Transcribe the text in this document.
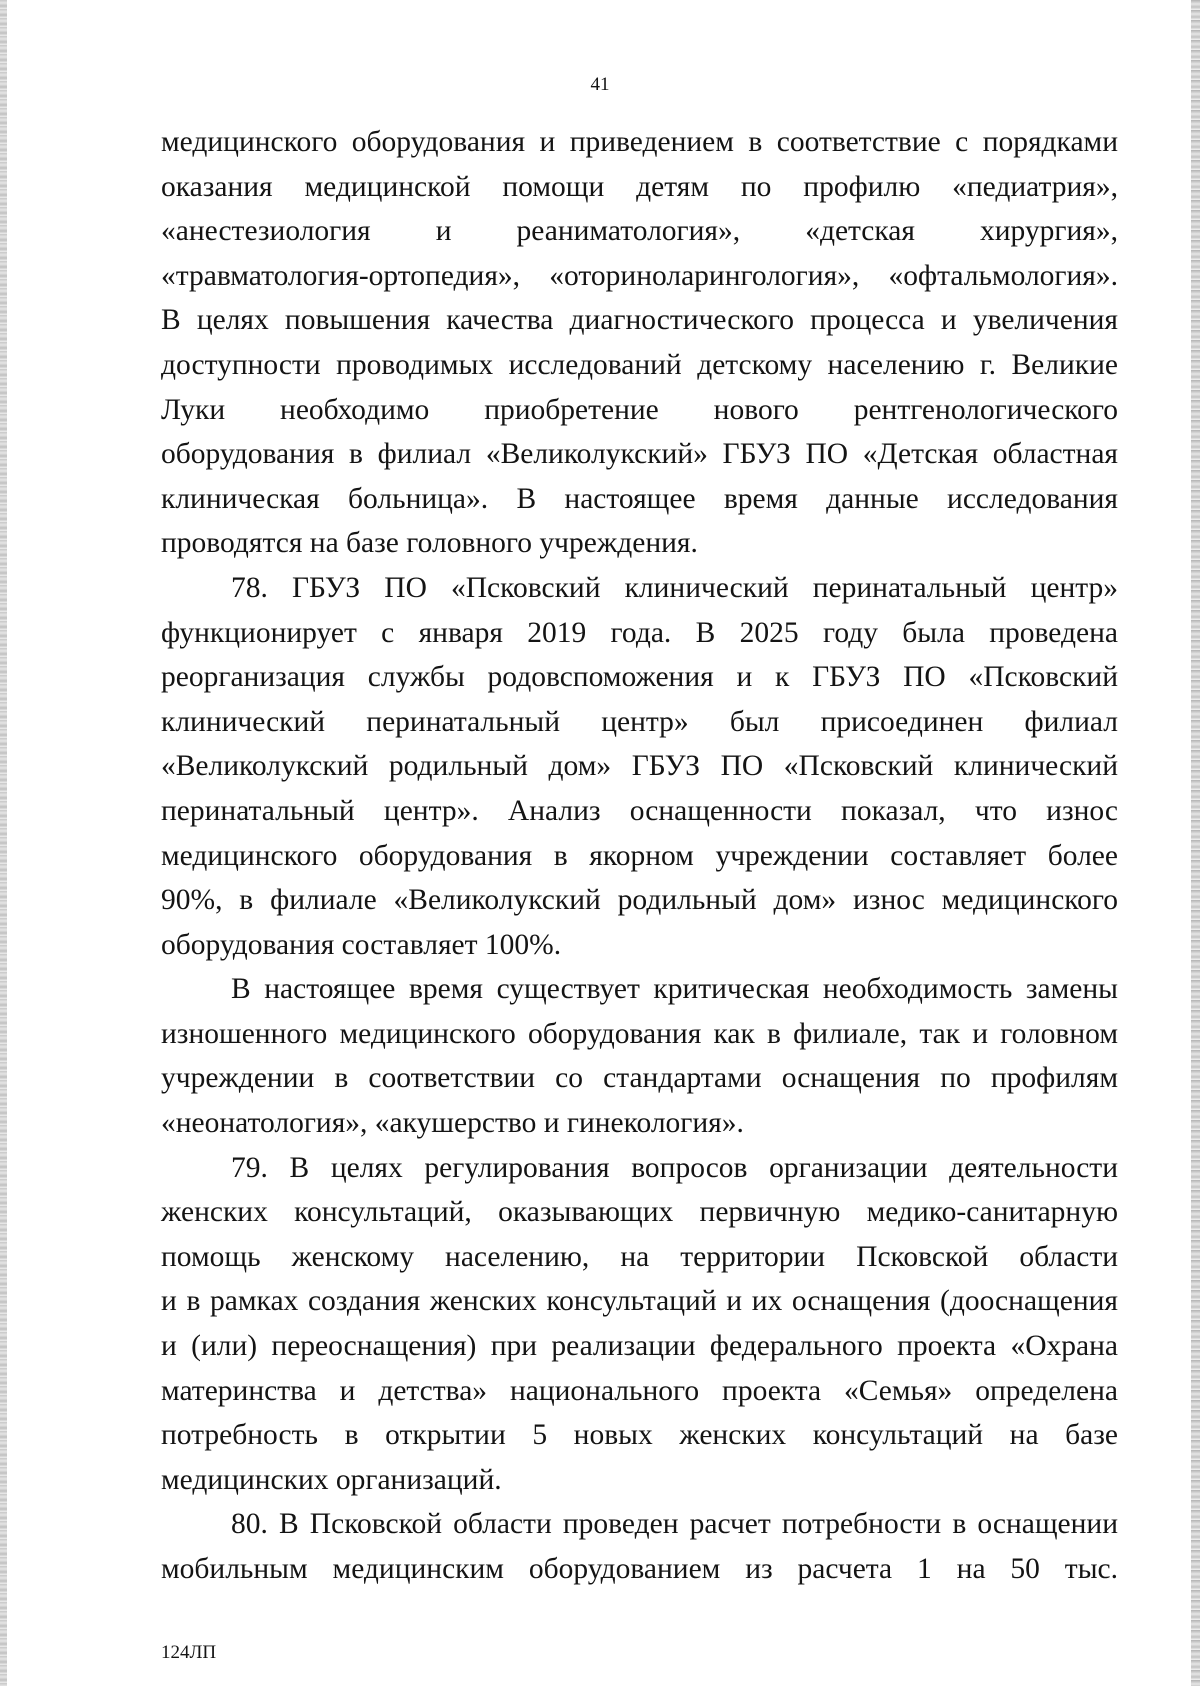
41
медицинского оборудования и приведением в соответствие с порядками
оказания медицинской помощи детям по профилю «педиатрия»,
«анестезиология и реаниматология», «детская хирургия»,
«травматология-ортопедия», «оториноларингология», «офтальмология».
В целях повышения качества диагностического процесса и увеличения
доступности проводимых исследований детскому населению г. Великие
Луки необходимо приобретение нового рентгенологического
оборудования в филиал «Великолукский» ГБУЗ ПО «Детская областная
клиническая больница». В настоящее время данные исследования
проводятся на базе головного учреждения.
78. ГБУЗ ПО «Псковский клинический перинатальный центр»
функционирует с января 2019 года. В 2025 году была проведена
реорганизация службы родовспоможения и к ГБУЗ ПО «Псковский
клинический перинатальный центр» был присоединен филиал
«Великолукский родильный дом» ГБУЗ ПО «Псковский клинический
перинатальный центр». Анализ оснащенности показал, что износ
медицинского оборудования в якорном учреждении составляет более
90%, в филиале «Великолукский родильный дом» износ медицинского
оборудования составляет 100%.
В настоящее время существует критическая необходимость замены
изношенного медицинского оборудования как в филиале, так и головном
учреждении в соответствии со стандартами оснащения по профилям
«неонатология», «акушерство и гинекология».
79. В целях регулирования вопросов организации деятельности
женских консультаций, оказывающих первичную медико-санитарную
помощь женскому населению, на территории Псковской области
и в рамках создания женских консультаций и их оснащения (дооснащения
и (или) переоснащения) при реализации федерального проекта «Охрана
материнства и детства» национального проекта «Семья» определена
потребность в открытии 5 новых женских консультаций на базе
медицинских организаций.
80. В Псковской области проведен расчет потребности в оснащении
мобильным медицинским оборудованием из расчета 1 на 50 тыс.
124ЛП
